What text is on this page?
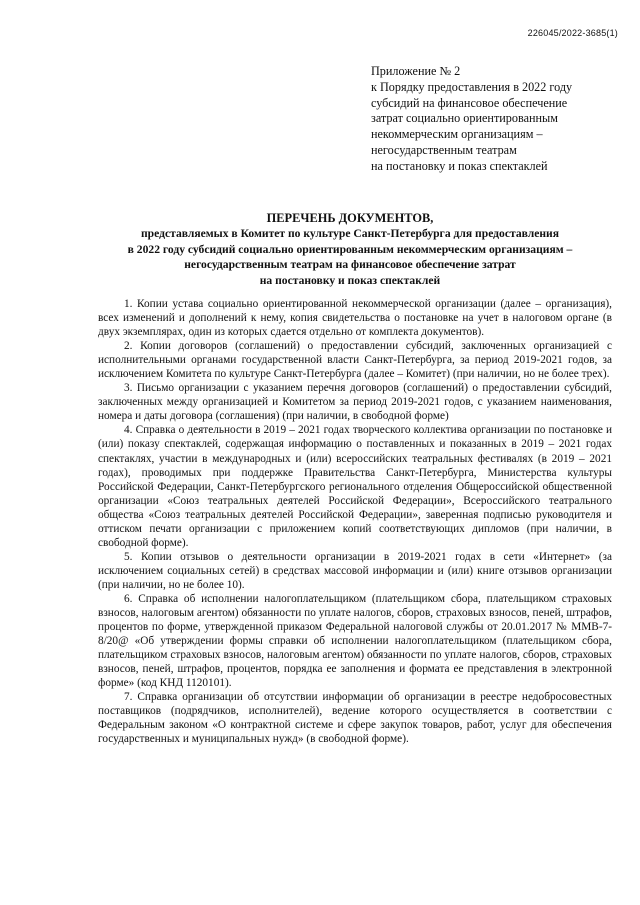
226045/2022-3685(1)
Приложение № 2
к Порядку предоставления в 2022 году
субсидий на финансовое обеспечение
затрат социально ориентированным
некоммерческим организациям –
негосударственным театрам
на постановку и показ спектаклей
ПЕРЕЧЕНЬ ДОКУМЕНТОВ,
представляемых в Комитет по культуре Санкт-Петербурга для предоставления
в 2022 году субсидий социально ориентированным некоммерческим организациям –
негосударственным театрам на финансовое обеспечение затрат
на постановку и показ спектаклей

1. Копии устава социально ориентированной некоммерческой организации (далее – организация), всех изменений и дополнений к нему, копия свидетельства о постановке на учет в налоговом органе (в двух экземплярах, один из которых сдается отдельно от комплекта документов).

2. Копии договоров (соглашений) о предоставлении субсидий, заключенных организацией с исполнительными органами государственной власти Санкт-Петербурга, за период 2019-2021 годов, за исключением Комитета по культуре Санкт-Петербурга (далее – Комитет) (при наличии, но не более трех).

3. Письмо организации с указанием перечня договоров (соглашений) о предоставлении субсидий, заключенных между организацией и Комитетом за период 2019-2021 годов, с указанием наименования, номера и даты договора (соглашения) (при наличии, в свободной форме)

4. Справка о деятельности в 2019 – 2021 годах творческого коллектива организации по постановке и (или) показу спектаклей, содержащая информацию о поставленных и показанных в 2019 – 2021 годах спектаклях, участии в международных и (или) всероссийских театральных фестивалях (в 2019 – 2021 годах), проводимых при поддержке Правительства Санкт-Петербурга, Министерства культуры Российской Федерации, Санкт-Петербургского регионального отделения Общероссийской общественной организации «Союз театральных деятелей Российской Федерации», Всероссийского театрального общества «Союз театральных деятелей Российской Федерации», заверенная подписью руководителя и оттиском печати организации с приложением копий соответствующих дипломов (при наличии, в свободной форме).

5. Копии отзывов о деятельности организации в 2019-2021 годах в сети «Интернет» (за исключением социальных сетей) в средствах массовой информации и (или) книге отзывов организации (при наличии, но не более 10).

6. Справка об исполнении налогоплательщиком (плательщиком сбора, плательщиком страховых взносов, налоговым агентом) обязанности по уплате налогов, сборов, страховых взносов, пеней, штрафов, процентов по форме, утвержденной приказом Федеральной налоговой службы от 20.01.2017 № ММВ-7-8/20@ «Об утверждении формы справки об исполнении налогоплательщиком (плательщиком сбора, плательщиком страховых взносов, налоговым агентом) обязанности по уплате налогов, сборов, страховых взносов, пеней, штрафов, процентов, порядка ее заполнения и формата ее представления в электронной форме» (код КНД 1120101).

7. Справка организации об отсутствии информации об организации в реестре недобросовестных поставщиков (подрядчиков, исполнителей), ведение которого осуществляется в соответствии с Федеральным законом «О контрактной системе и сфере закупок товаров, работ, услуг для обеспечения государственных и муниципальных нужд» (в свободной форме).
